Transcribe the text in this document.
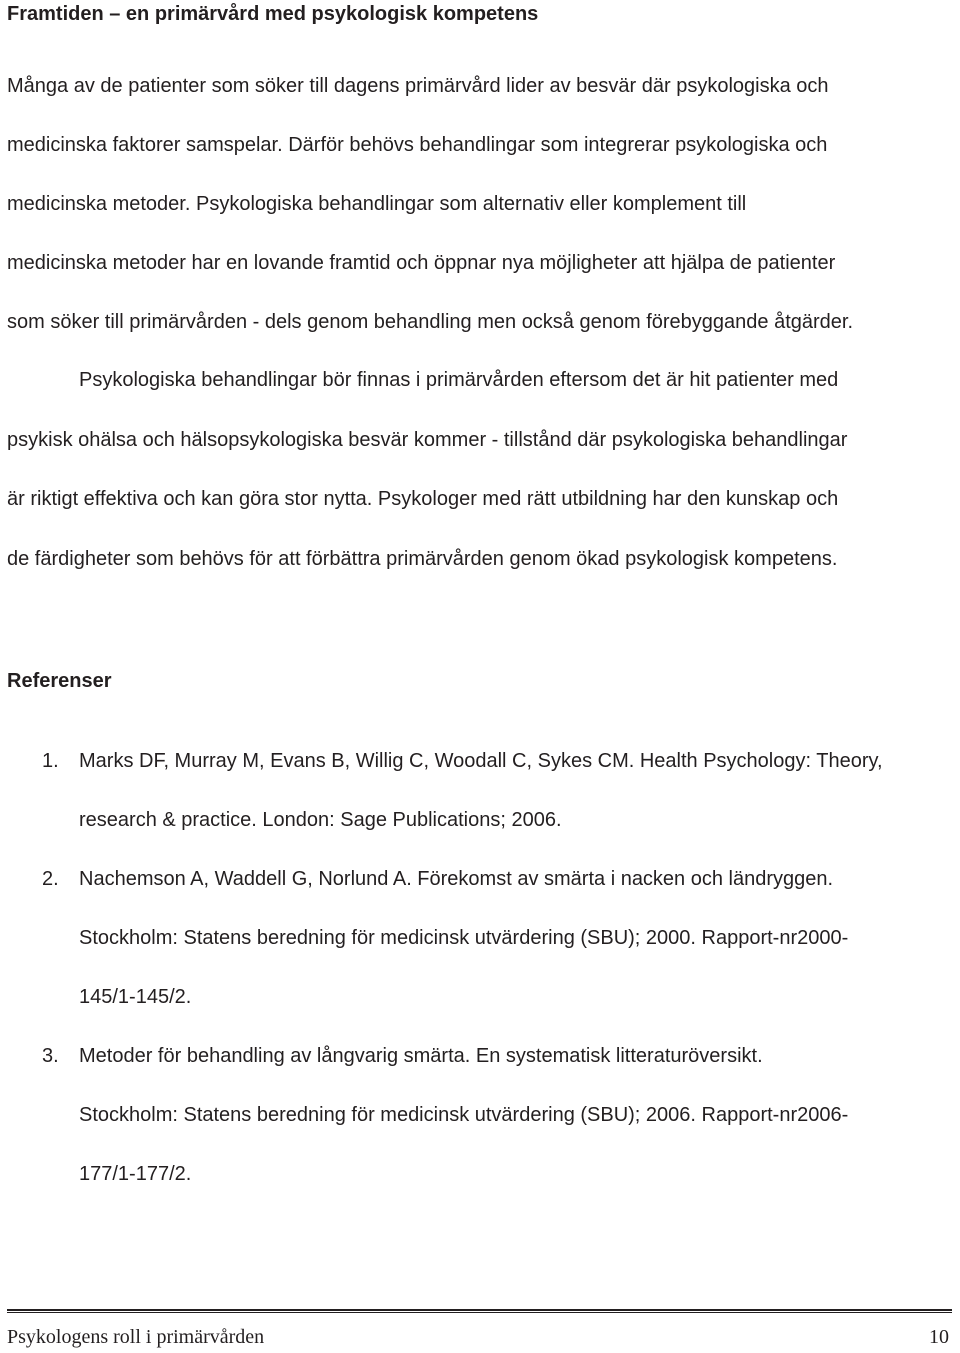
Framtiden – en primärvård med psykologisk kompetens
Många av de patienter som söker till dagens primärvård lider av besvär där psykologiska och
medicinska faktorer samspelar. Därför behövs behandlingar som integrerar psykologiska och
medicinska metoder. Psykologiska behandlingar som alternativ eller komplement till
medicinska metoder har en lovande framtid och öppnar nya möjligheter att hjälpa de patienter
som söker till primärvården - dels genom behandling men också genom förebyggande åtgärder.
Psykologiska behandlingar bör finnas i primärvården eftersom det är hit patienter med
psykisk ohälsa och hälsopsykologiska besvär kommer - tillstånd där psykologiska behandlingar
är riktigt effektiva och kan göra stor nytta. Psykologer med rätt utbildning har den kunskap och
de färdigheter som behövs för att förbättra primärvården genom ökad psykologisk kompetens.
Referenser
1. Marks DF, Murray M, Evans B, Willig C, Woodall C, Sykes CM. Health Psychology: Theory,
research & practice. London: Sage Publications; 2006.
2. Nachemson A, Waddell G, Norlund A. Förekomst av smärta i nacken och ländryggen.
Stockholm: Statens beredning för medicinsk utvärdering (SBU); 2000. Rapport-nr2000-
145/1-145/2.
3. Metoder för behandling av långvarig smärta. En systematisk litteraturöversikt.
Stockholm: Statens beredning för medicinsk utvärdering (SBU); 2006. Rapport-nr2006-
177/1-177/2.
Psykologens roll i primärvården	10
